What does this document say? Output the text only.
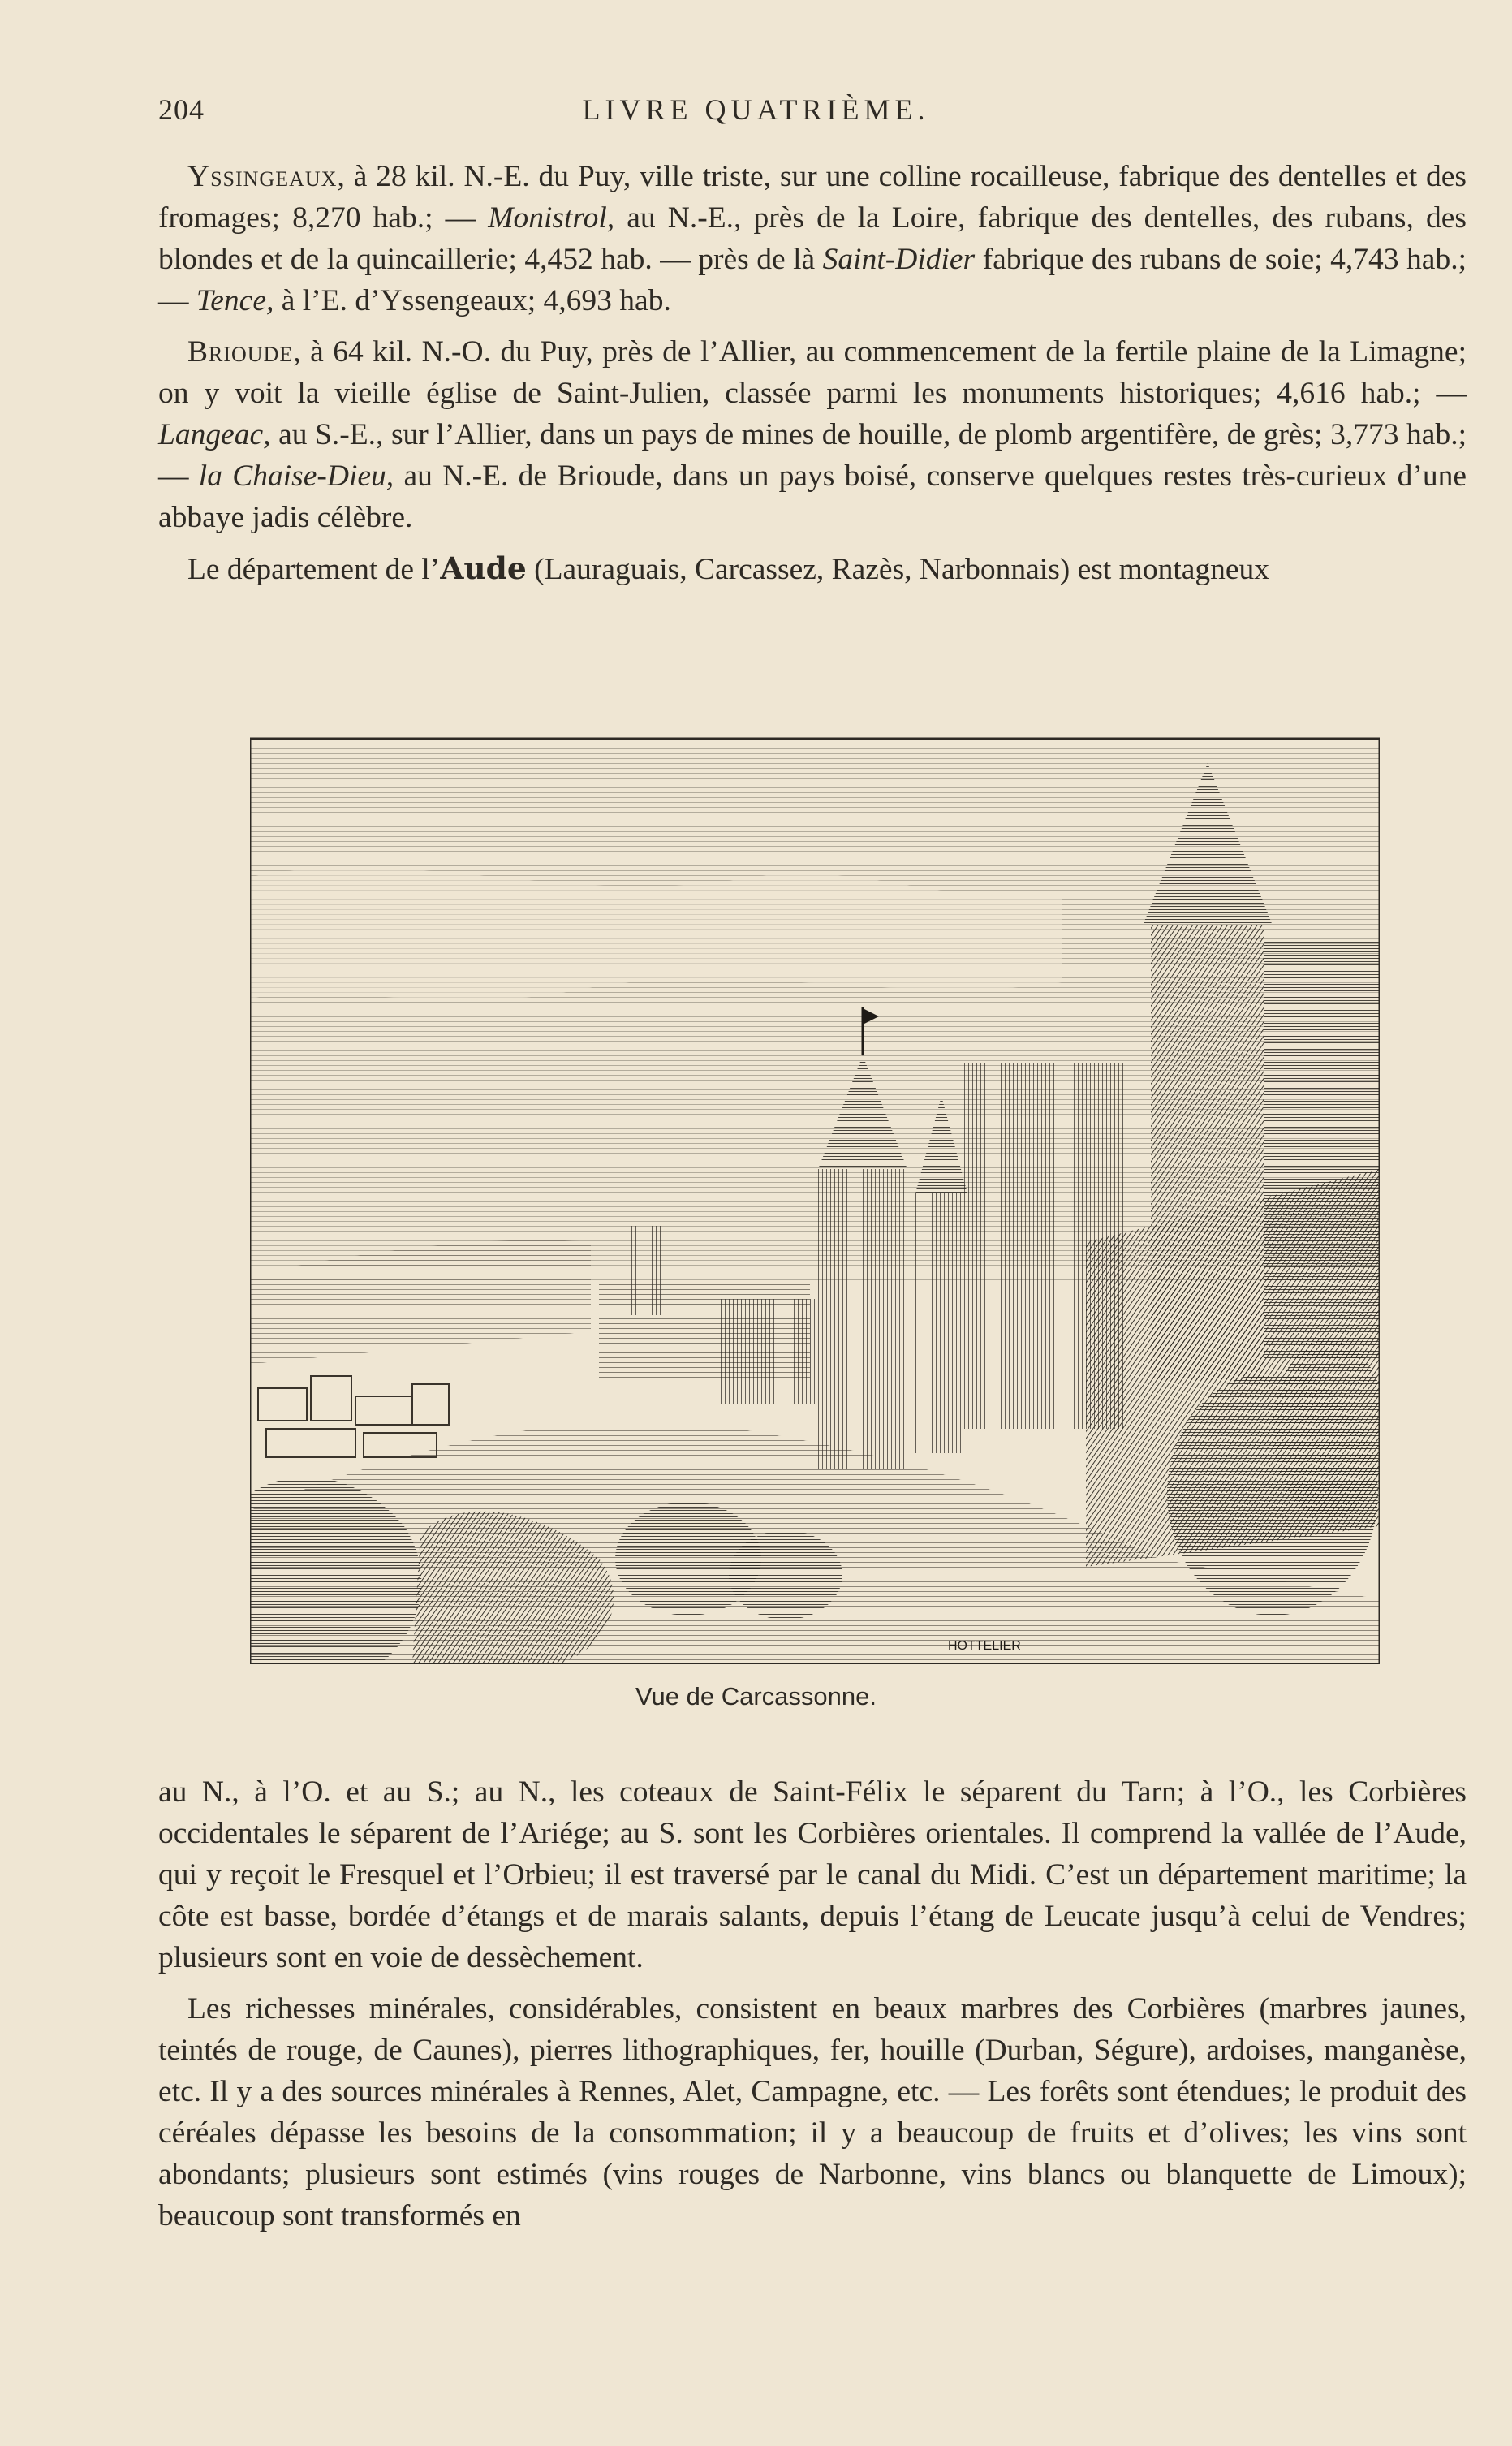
204	LIVRE QUATRIÈME.

Yssingeaux, à 28 kil. N.-E. du Puy, ville triste, sur une colline rocailleuse, fabrique des dentelles et des fromages; 8,270 hab.; — Monistrol, au N.-E., près de la Loire, fabrique des dentelles, des rubans, des blondes et de la quincaillerie; 4,452 hab. — près de là Saint-Didier fabrique des rubans de soie; 4,743 hab.; — Tence, à l’E. d’Yssengeaux; 4,693 hab.

Brioude, à 64 kil. N.-O. du Puy, près de l’Allier, au commencement de la fertile plaine de la Limagne; on y voit la vieille église de Saint-Julien, classée parmi les monuments historiques; 4,616 hab.; — Langeac, au S.-E., sur l’Allier, dans un pays de mines de houille, de plomb argentifère, de grès; 3,773 hab.; — la Chaise-Dieu, au N.-E. de Brioude, dans un pays boisé, conserve quelques restes très-curieux d’une abbaye jadis célèbre.

Le département de l’Aude (Lauraguais, Carcassez, Razès, Narbonnais) est montagneux

HOTTELIER
Vue de Carcassonne.

au N., à l’O. et au S.; au N., les coteaux de Saint-Félix le séparent du Tarn; à l’O., les Corbières occidentales le séparent de l’Ariége; au S. sont les Corbières orientales. Il comprend la vallée de l’Aude, qui y reçoit le Fresquel et l’Orbieu; il est traversé par le canal du Midi. C’est un département maritime; la côte est basse, bordée d’étangs et de marais salants, depuis l’étang de Leucate jusqu’à celui de Vendres; plusieurs sont en voie de dessèchement.

Les richesses minérales, considérables, consistent en beaux marbres des Corbières (marbres jaunes, teintés de rouge, de Caunes), pierres lithographiques, fer, houille (Durban, Ségure), ardoises, manganèse, etc. Il y a des sources minérales à Rennes, Alet, Campagne, etc. — Les forêts sont étendues; le produit des céréales dépasse les besoins de la consommation; il y a beaucoup de fruits et d’olives; les vins sont abondants; plusieurs sont estimés (vins rouges de Narbonne, vins blancs ou blanquette de Limoux); beaucoup sont transformés en
